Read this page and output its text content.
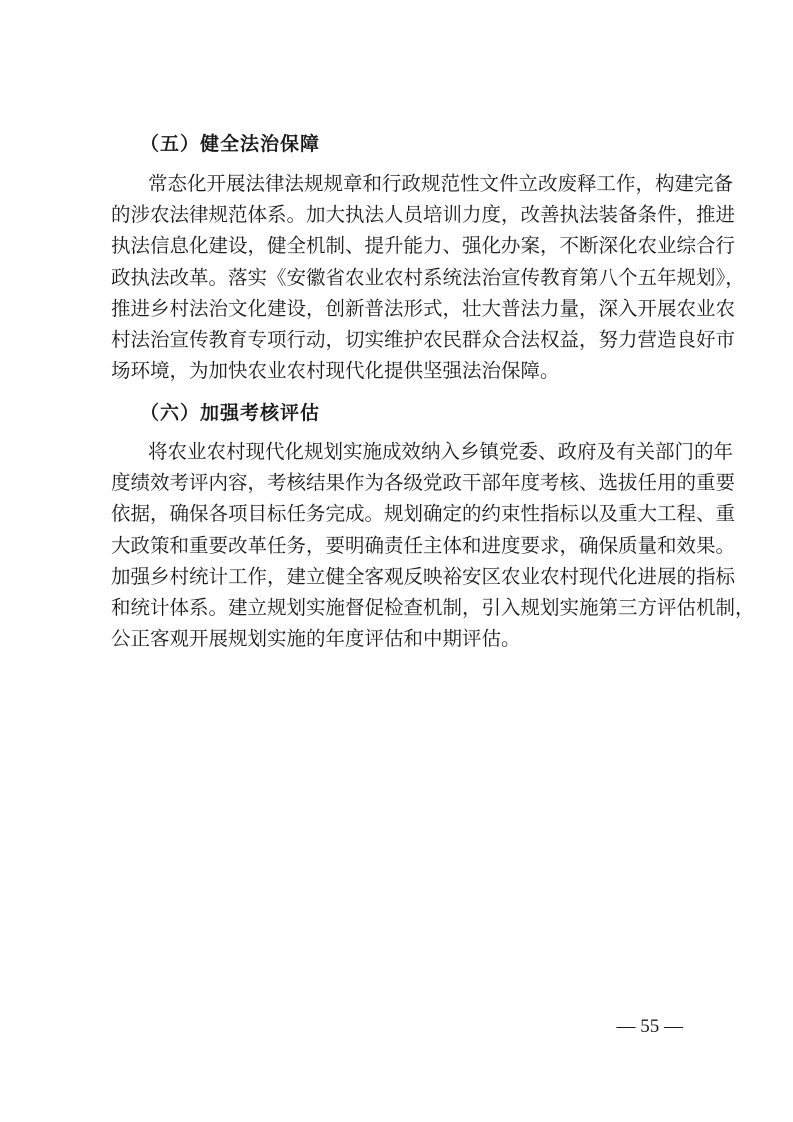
（五）健全法治保障
常态化开展法律法规规章和行政规范性文件立改废释工作，构建完备
的涉农法律规范体系。加大执法人员培训力度，改善执法装备条件，推进
执法信息化建设，健全机制、提升能力、强化办案，不断深化农业综合行
政执法改革。落实《安徽省农业农村系统法治宣传教育第八个五年规划》，
推进乡村法治文化建设，创新普法形式，壮大普法力量，深入开展农业农
村法治宣传教育专项行动，切实维护农民群众合法权益，努力营造良好市
场环境，为加快农业农村现代化提供坚强法治保障。
（六）加强考核评估
将农业农村现代化规划实施成效纳入乡镇党委、政府及有关部门的年
度绩效考评内容，考核结果作为各级党政干部年度考核、选拔任用的重要
依据，确保各项目标任务完成。规划确定的约束性指标以及重大工程、重
大政策和重要改革任务，要明确责任主体和进度要求，确保质量和效果。
加强乡村统计工作，建立健全客观反映裕安区农业农村现代化进展的指标
和统计体系。建立规划实施督促检查机制，引入规划实施第三方评估机制，
公正客观开展规划实施的年度评估和中期评估。
— 55 —
